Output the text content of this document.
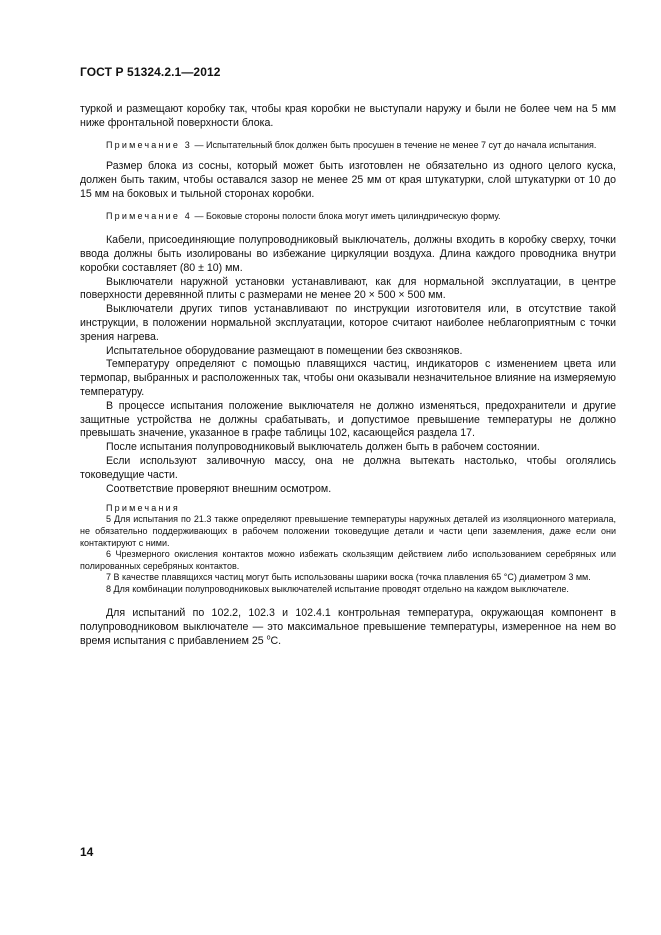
ГОСТ Р 51324.2.1—2012

туркой и размещают коробку так, чтобы края коробки не выступали наружу и были не более чем на 5 мм ниже фронтальной поверхности блока.

Примечание 3 — Испытательный блок должен быть просушен в течение не менее 7 сут до начала испытания.

Размер блока из сосны, который может быть изготовлен не обязательно из одного целого куска, должен быть таким, чтобы оставался зазор не менее 25 мм от края штукатурки, слой штукатурки от 10 до 15 мм на боковых и тыльной сторонах коробки.

Примечание 4 — Боковые стороны полости блока могут иметь цилиндрическую форму.

Кабели, присоединяющие полупроводниковый выключатель, должны входить в коробку сверху, точки ввода должны быть изолированы во избежание циркуляции воздуха. Длина каждого проводника внутри коробки составляет (80 ± 10) мм.

Выключатели наружной установки устанавливают, как для нормальной эксплуатации, в центре поверхности деревянной плиты с размерами не менее 20 × 500 × 500 мм.

Выключатели других типов устанавливают по инструкции изготовителя или, в отсутствие такой инструкции, в положении нормальной эксплуатации, которое считают наиболее неблагоприятным с точки зрения нагрева.

Испытательное оборудование размещают в помещении без сквозняков.

Температуру определяют с помощью плавящихся частиц, индикаторов с изменением цвета или термопар, выбранных и расположенных так, чтобы они оказывали незначительное влияние на измеряемую температуру.

В процессе испытания положение выключателя не должно изменяться, предохранители и другие защитные устройства не должны срабатывать, и допустимое превышение температуры не должно превышать значение, указанное в графе таблицы 102, касающейся раздела 17.

После испытания полупроводниковый выключатель должен быть в рабочем состоянии.

Если используют заливочную массу, она не должна вытекать настолько, чтобы оголялись токоведущие части.

Соответствие проверяют внешним осмотром.

Примечания

5 Для испытания по 21.3 также определяют превышение температуры наружных деталей из изоляционного материала, не обязательно поддерживающих в рабочем положении токоведущие детали и части цепи заземления, даже если они контактируют с ними.

6 Чрезмерного окисления контактов можно избежать скользящим действием либо использованием серебряных или полированных серебряных контактов.

7 В качестве плавящихся частиц могут быть использованы шарики воска (точка плавления 65 °С) диаметром 3 мм.

8 Для комбинации полупроводниковых выключателей испытание проводят отдельно на каждом выключателе.

Для испытаний по 102.2, 102.3 и 102.4.1 контрольная температура, окружающая компонент в полупроводниковом выключателе — это максимальное превышение температуры, измеренное на нем во время испытания с прибавлением 25 $^о$С.

14
